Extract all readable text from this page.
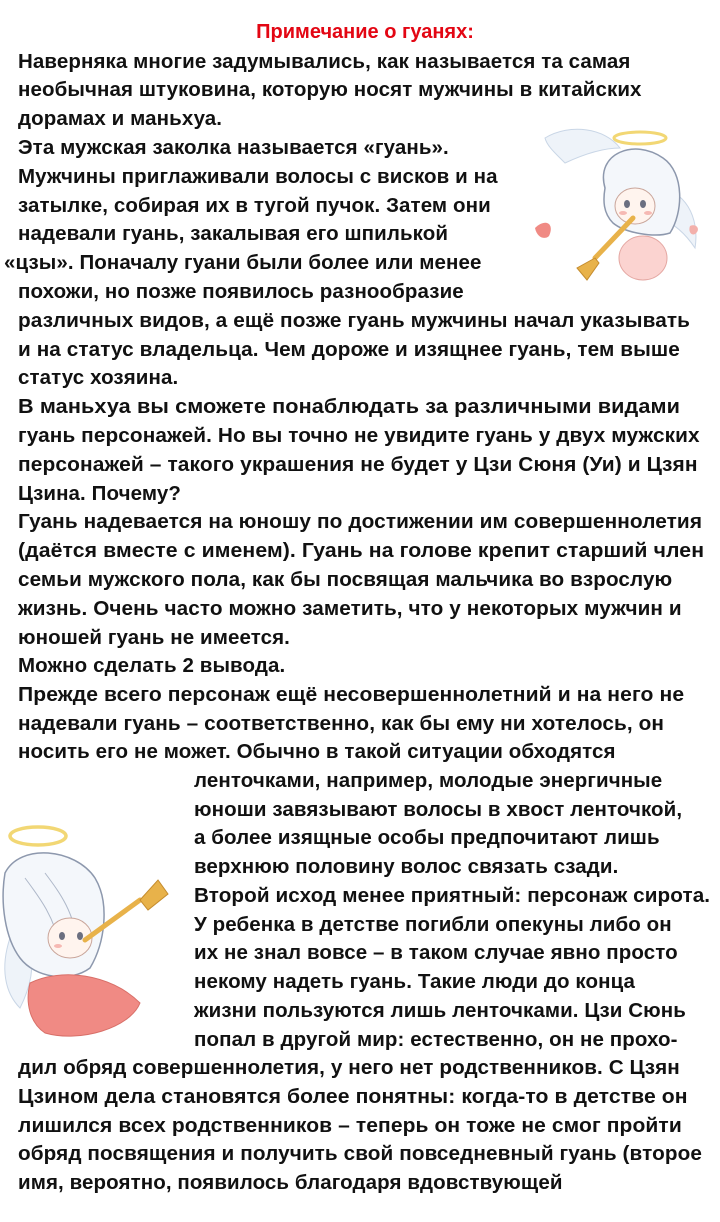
Примечание о гуанях:
Наверняка многие задумывались, как называется та самая
необычная штуковина, которую носят мужчины в китайских
дорамах и маньхуа.
Эта мужская заколка называется «гуань».
Мужчины приглаживали волосы с висков и на
затылке, собирая их в тугой пучок. Затем они
надевали гуань, закалывая его шпилькой
«цзы». Поначалу гуани были более или менее
похожи, но позже появилось разнообразие
различных видов, а ещё позже гуань мужчины начал указывать
и на статус владельца. Чем дороже и изящнее гуань, тем выше
статус хозяина.
В маньхуа вы сможете понаблюдать за различными видами
гуань персонажей. Но вы точно не увидите гуань у двух мужских
персонажей – такого украшения не будет у Цзи Сюня (Уи) и Цзян
Цзина. Почему?
Гуань надевается на юношу по достижении им совершеннолетия
(даётся вместе с именем). Гуань на голове крепит старший член
семьи мужского пола, как бы посвящая мальчика во взрослую
жизнь. Очень часто можно заметить, что у некоторых мужчин и
юношей гуань не имеется.
Можно сделать 2 вывода.
Прежде всего персонаж ещё несовершеннолетний и на него не
надевали гуань – соответственно, как бы ему ни хотелось, он
носить его не может. Обычно в такой ситуации обходятся
ленточками, например, молодые энергичные
юноши завязывают волосы в хвост ленточкой,
а более изящные особы предпочитают лишь
верхнюю половину волос связать сзади.
Второй исход менее приятный: персонаж сирота.
У ребенка в детстве погибли опекуны либо он
их не знал вовсе – в таком случае явно просто
некому надеть гуань. Такие люди до конца
жизни пользуются лишь ленточками. Цзи Сюнь
попал в другой мир: естественно, он не прохо-
дил обряд совершеннолетия, у него нет родственников. С Цзян
Цзином дела становятся более понятны: когда-то в детстве он
лишился всех родственников – теперь он тоже не смог пройти
обряд посвящения и получить свой повседневный гуань (второе
имя, вероятно, появилось благодаря вдовствующей
